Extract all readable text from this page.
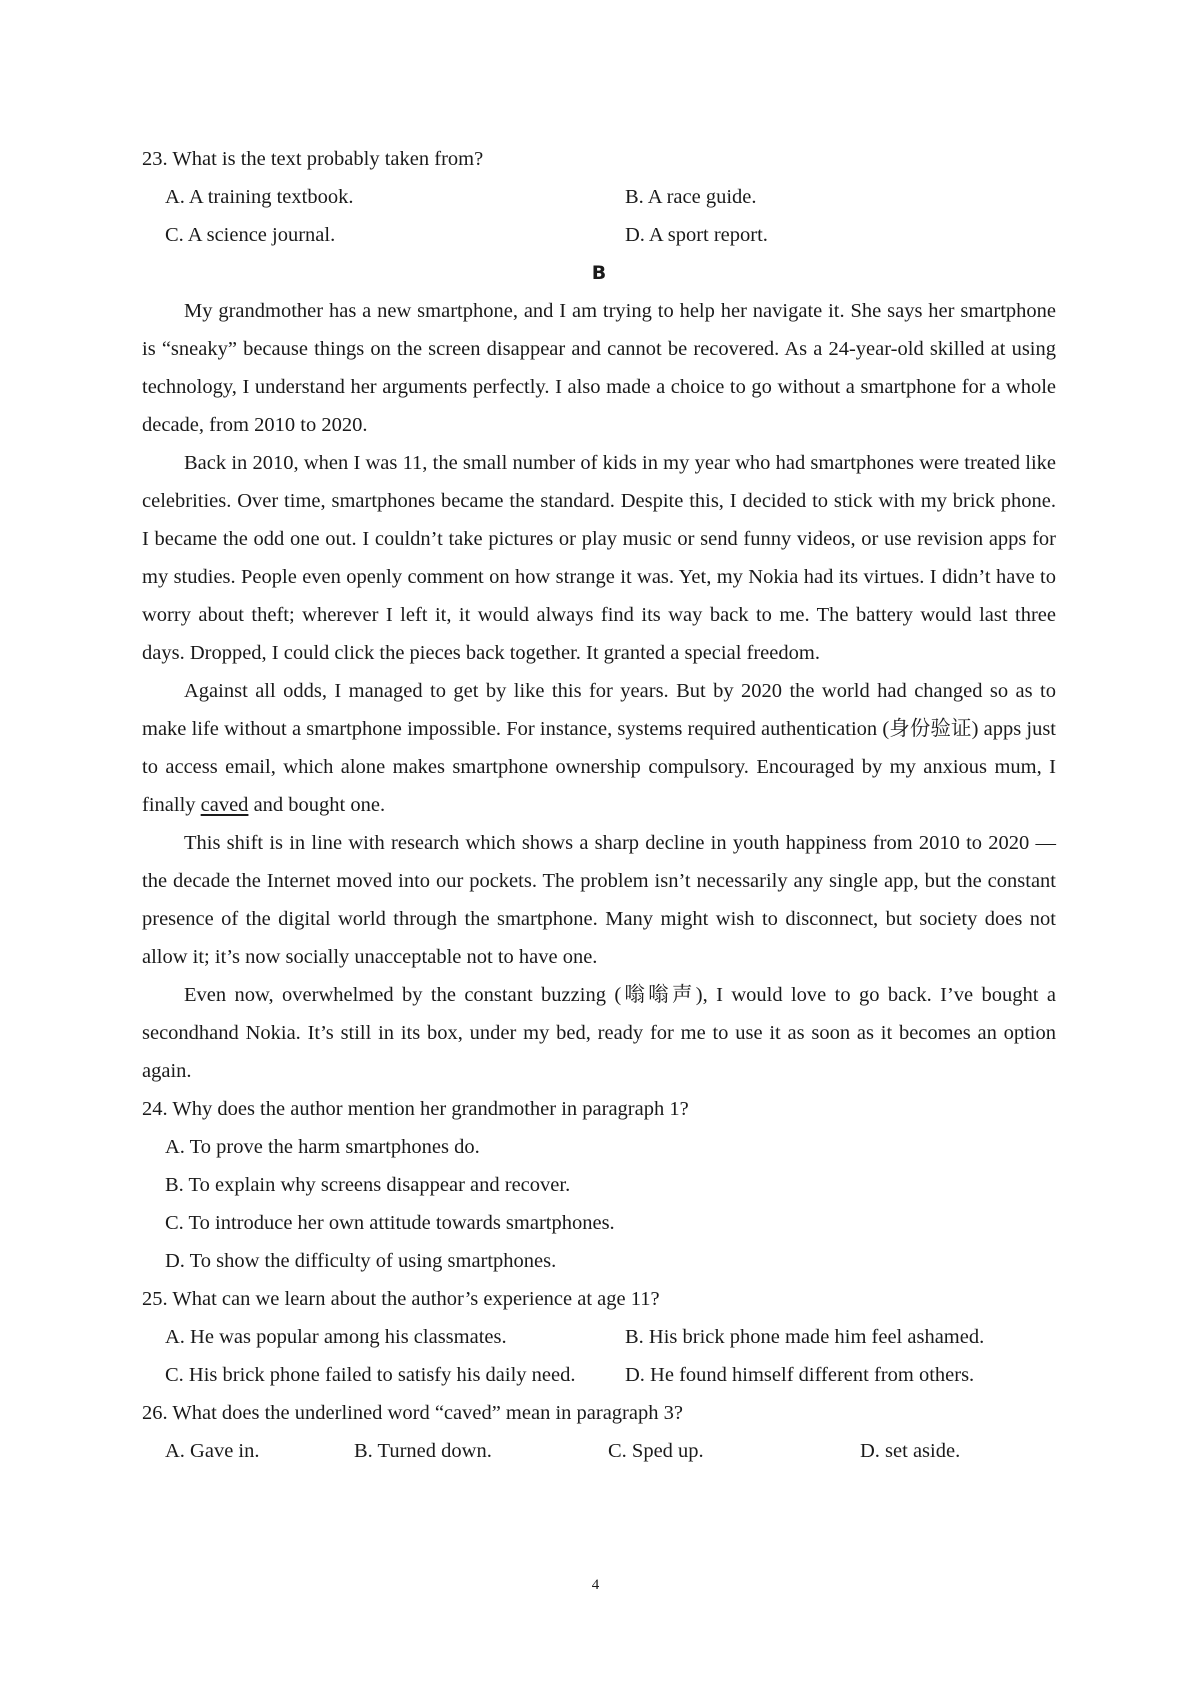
23. What is the text probably taken from?
A. A training textbook.	B. A race guide.
C. A science journal.	D. A sport report.
B

My grandmother has a new smartphone, and I am trying to help her navigate it. She says her smartphone is “sneaky” because things on the screen disappear and cannot be recovered. As a 24-year-old skilled at using technology, I understand her arguments perfectly. I also made a choice to go without a smartphone for a whole decade, from 2010 to 2020.

Back in 2010, when I was 11, the small number of kids in my year who had smartphones were treated like celebrities. Over time, smartphones became the standard. Despite this, I decided to stick with my brick phone. I became the odd one out. I couldn’t take pictures or play music or send funny videos, or use revision apps for my studies. People even openly comment on how strange it was. Yet, my Nokia had its virtues. I didn’t have to worry about theft; wherever I left it, it would always find its way back to me. The battery would last three days. Dropped, I could click the pieces back together. It granted a special freedom.

Against all odds, I managed to get by like this for years. But by 2020 the world had changed so as to make life without a smartphone impossible. For instance, systems required authentication (身份验证) apps just to access email, which alone makes smartphone ownership compulsory. Encouraged by my anxious mum, I finally caved and bought one.

This shift is in line with research which shows a sharp decline in youth happiness from 2010 to 2020 — the decade the Internet moved into our pockets. The problem isn’t necessarily any single app, but the constant presence of the digital world through the smartphone. Many might wish to disconnect, but society does not allow it; it’s now socially unacceptable not to have one.

Even now, overwhelmed by the constant buzzing (嗡嗡声), I would love to go back. I’ve bought a secondhand Nokia. It’s still in its box, under my bed, ready for me to use it as soon as it becomes an option again.

24. Why does the author mention her grandmother in paragraph 1?
A. To prove the harm smartphones do.
B. To explain why screens disappear and recover.
C. To introduce her own attitude towards smartphones.
D. To show the difficulty of using smartphones.
25. What can we learn about the author’s experience at age 11?
A. He was popular among his classmates.	B. His brick phone made him feel ashamed.
C. His brick phone failed to satisfy his daily need.	D. He found himself different from others.
26. What does the underlined word “caved” mean in paragraph 3?
A. Gave in.	B. Turned down.	C. Sped up.	D. set aside.
4
